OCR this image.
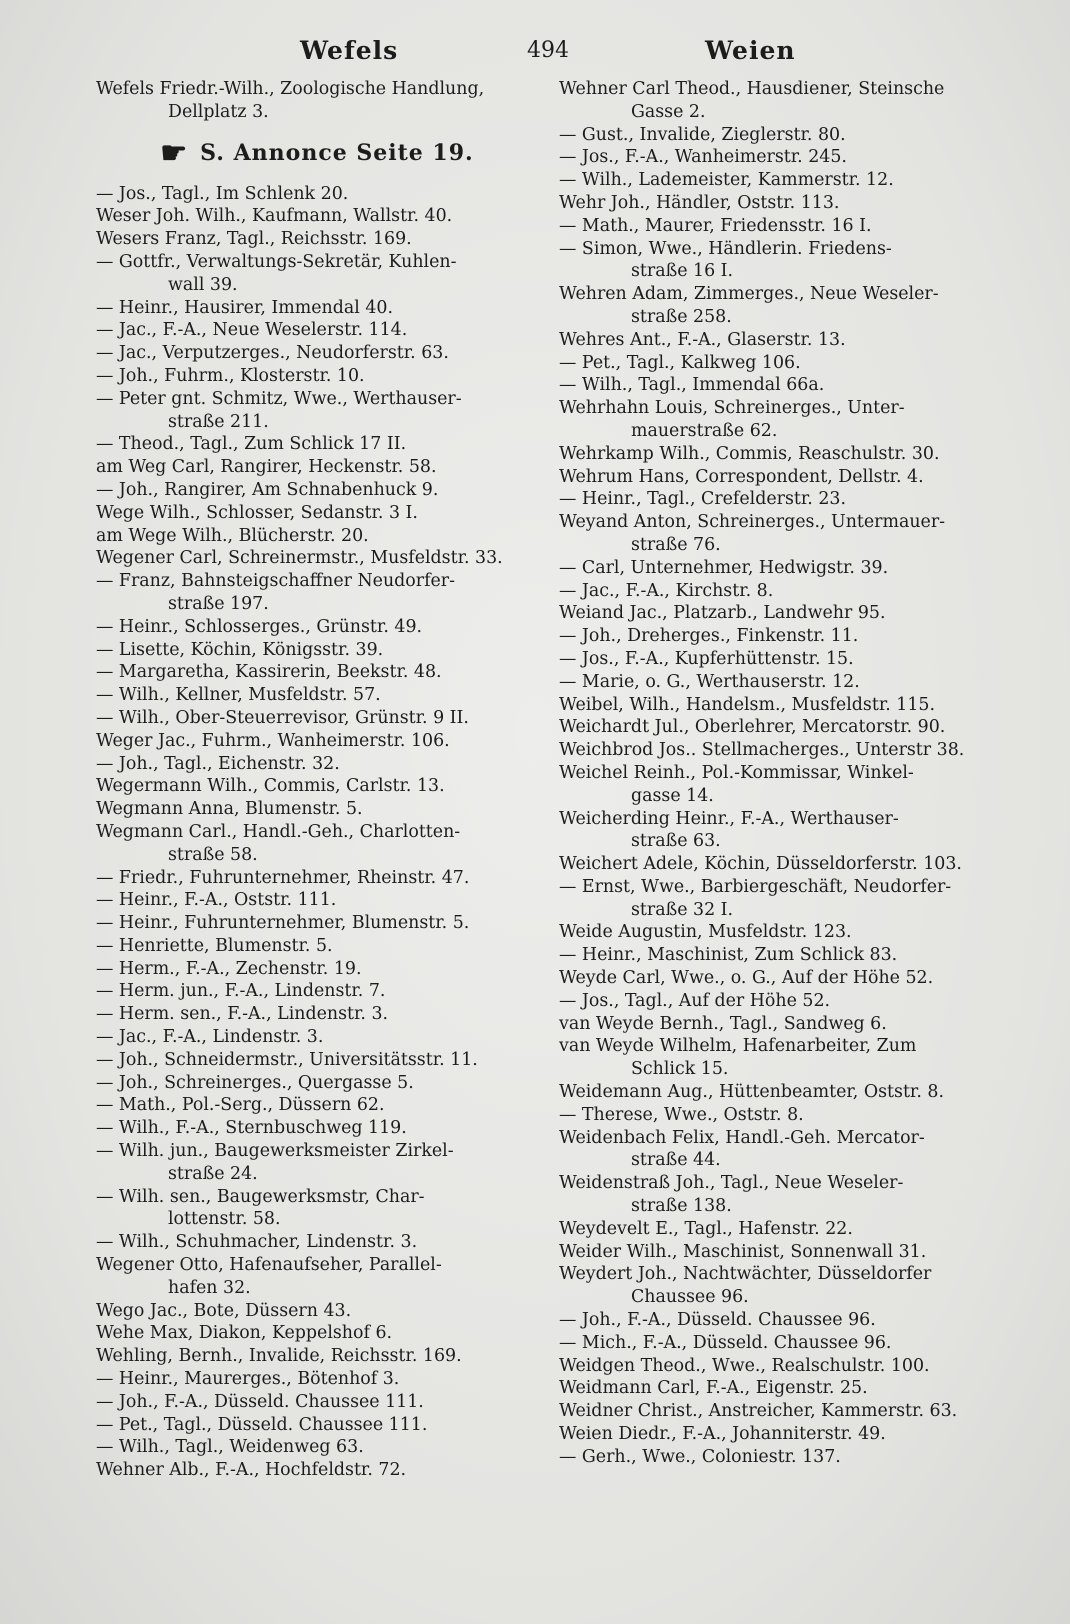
Wefels	494	Weien
Wefels Friedr.-Wilh., Zoologische Handlung,
Dellplatz 3.
☛ S. Annonce Seite 19.
— Jos., Tagl., Im Schlenk 20.
Weser Joh. Wilh., Kaufmann, Wallstr. 40.
Wesers Franz, Tagl., Reichsstr. 169.
— Gottfr., Verwaltungs-Sekretär, Kuhlen-
wall 39.
— Heinr., Hausirer, Immendal 40.
— Jac., F.-A., Neue Weselerstr. 114.
— Jac., Verputzerges., Neudorferstr. 63.
— Joh., Fuhrm., Klosterstr. 10.
— Peter gnt. Schmitz, Wwe., Werthauser-
straße 211.
— Theod., Tagl., Zum Schlick 17 II.
am Weg Carl, Rangirer, Heckenstr. 58.
— Joh., Rangirer, Am Schnabenhuck 9.
Wege Wilh., Schlosser, Sedanstr. 3 I.
am Wege Wilh., Blücherstr. 20.
Wegener Carl, Schreinermstr., Musfeldstr. 33.
— Franz, Bahnsteigschaffner Neudorfer-
straße 197.
— Heinr., Schlosserges., Grünstr. 49.
— Lisette, Köchin, Königsstr. 39.
— Margaretha, Kassirerin, Beekstr. 48.
— Wilh., Kellner, Musfeldstr. 57.
— Wilh., Ober-Steuerrevisor, Grünstr. 9 II.
Weger Jac., Fuhrm., Wanheimerstr. 106.
— Joh., Tagl., Eichenstr. 32.
Wegermann Wilh., Commis, Carlstr. 13.
Wegmann Anna, Blumenstr. 5.
Wegmann Carl., Handl.-Geh., Charlotten-
straße 58.
— Friedr., Fuhrunternehmer, Rheinstr. 47.
— Heinr., F.-A., Oststr. 111.
— Heinr., Fuhrunternehmer, Blumenstr. 5.
— Henriette, Blumenstr. 5.
— Herm., F.-A., Zechenstr. 19.
— Herm. jun., F.-A., Lindenstr. 7.
— Herm. sen., F.-A., Lindenstr. 3.
— Jac., F.-A., Lindenstr. 3.
— Joh., Schneidermstr., Universitätsstr. 11.
— Joh., Schreinerges., Quergasse 5.
— Math., Pol.-Serg., Düssern 62.
— Wilh., F.-A., Sternbuschweg 119.
— Wilh. jun., Baugewerksmeister Zirkel-
straße 24.
— Wilh. sen., Baugewerksmstr, Char-
lottenstr. 58.
— Wilh., Schuhmacher, Lindenstr. 3.
Wegener Otto, Hafenaufseher, Parallel-
hafen 32.
Wego Jac., Bote, Düssern 43.
Wehe Max, Diakon, Keppelshof 6.
Wehling, Bernh., Invalide, Reichsstr. 169.
— Heinr., Maurerges., Bötenhof 3.
— Joh., F.-A., Düsseld. Chaussee 111.
— Pet., Tagl., Düsseld. Chaussee 111.
— Wilh., Tagl., Weidenweg 63.
Wehner Alb., F.-A., Hochfeldstr. 72.
Wehner Carl Theod., Hausdiener, Steinsche
Gasse 2.
— Gust., Invalide, Zieglerstr. 80.
— Jos., F.-A., Wanheimerstr. 245.
— Wilh., Lademeister, Kammerstr. 12.
Wehr Joh., Händler, Oststr. 113.
— Math., Maurer, Friedensstr. 16 I.
— Simon, Wwe., Händlerin. Friedens-
straße 16 I.
Wehren Adam, Zimmerges., Neue Weseler-
straße 258.
Wehres Ant., F.-A., Glaserstr. 13.
— Pet., Tagl., Kalkweg 106.
— Wilh., Tagl., Immendal 66a.
Wehrhahn Louis, Schreinerges., Unter-
mauerstraße 62.
Wehrkamp Wilh., Commis, Reaschulstr. 30.
Wehrum Hans, Correspondent, Dellstr. 4.
— Heinr., Tagl., Crefelderstr. 23.
Weyand Anton, Schreinerges., Untermauer-
straße 76.
— Carl, Unternehmer, Hedwigstr. 39.
— Jac., F.-A., Kirchstr. 8.
Weiand Jac., Platzarb., Landwehr 95.
— Joh., Dreherges., Finkenstr. 11.
— Jos., F.-A., Kupferhüttenstr. 15.
— Marie, o. G., Werthauserstr. 12.
Weibel, Wilh., Handelsm., Musfeldstr. 115.
Weichardt Jul., Oberlehrer, Mercatorstr. 90.
Weichbrod Jos.. Stellmacherges., Unterstr 38.
Weichel Reinh., Pol.-Kommissar, Winkel-
gasse 14.
Weicherding Heinr., F.-A., Werthauser-
straße 63.
Weichert Adele, Köchin, Düsseldorferstr. 103.
— Ernst, Wwe., Barbiergeschäft, Neudorfer-
straße 32 I.
Weide Augustin, Musfeldstr. 123.
— Heinr., Maschinist, Zum Schlick 83.
Weyde Carl, Wwe., o. G., Auf der Höhe 52.
— Jos., Tagl., Auf der Höhe 52.
van Weyde Bernh., Tagl., Sandweg 6.
van Weyde Wilhelm, Hafenarbeiter, Zum
Schlick 15.
Weidemann Aug., Hüttenbeamter, Oststr. 8.
— Therese, Wwe., Oststr. 8.
Weidenbach Felix, Handl.-Geh. Mercator-
straße 44.
Weidenstraß Joh., Tagl., Neue Weseler-
straße 138.
Weydevelt E., Tagl., Hafenstr. 22.
Weider Wilh., Maschinist, Sonnenwall 31.
Weydert Joh., Nachtwächter, Düsseldorfer
Chaussee 96.
— Joh., F.-A., Düsseld. Chaussee 96.
— Mich., F.-A., Düsseld. Chaussee 96.
Weidgen Theod., Wwe., Realschulstr. 100.
Weidmann Carl, F.-A., Eigenstr. 25.
Weidner Christ., Anstreicher, Kammerstr. 63.
Weien Diedr., F.-A., Johanniterstr. 49.
— Gerh., Wwe., Coloniestr. 137.
